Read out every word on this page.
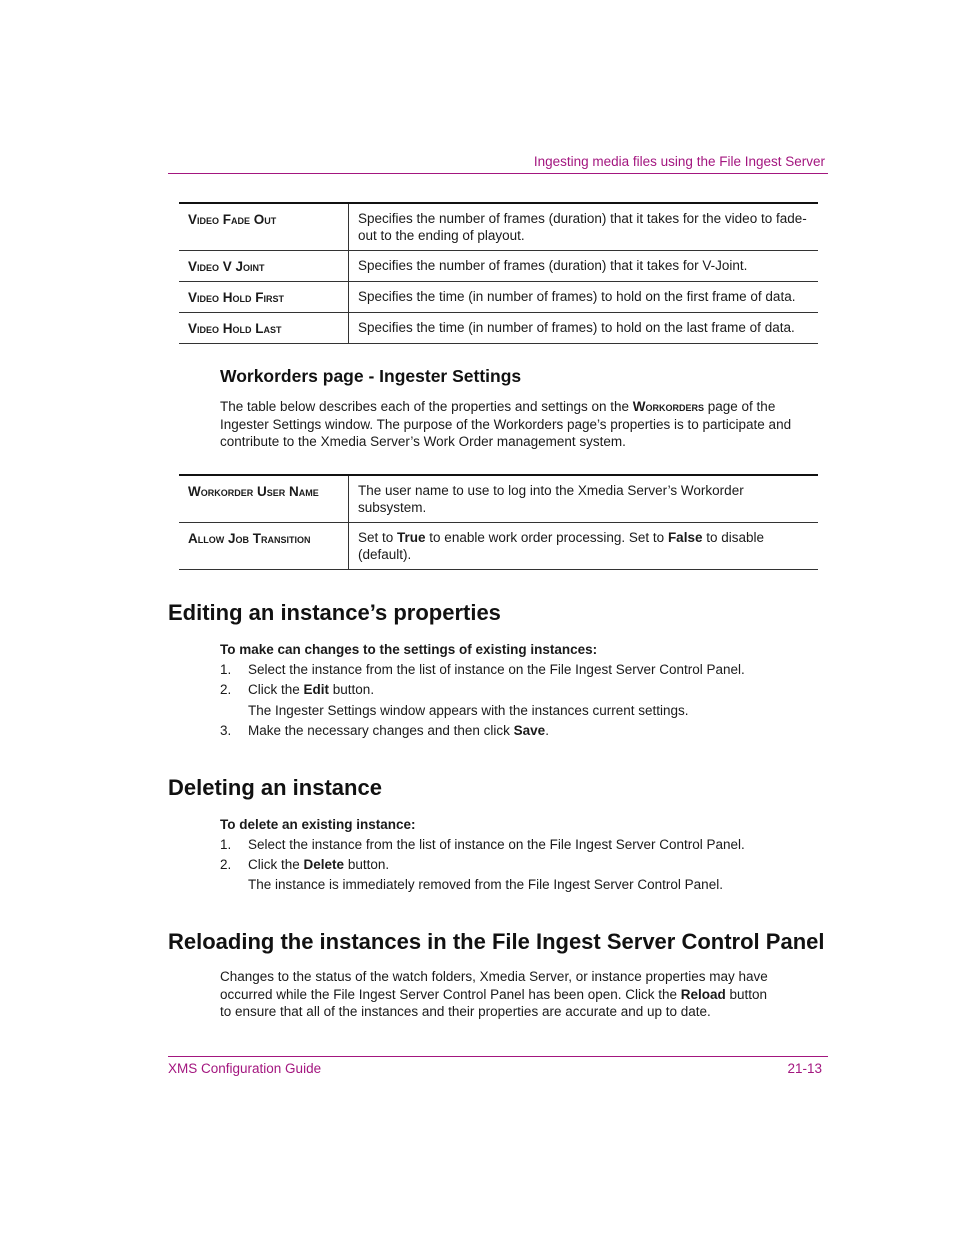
Ingesting media files using the File Ingest Server
Video Fade Out	Specifies the number of frames (duration) that it takes for the video to fade-out to the ending of playout.
Video V Joint	Specifies the number of frames (duration) that it takes for V-Joint.
Video Hold First	Specifies the time (in number of frames) to hold on the first frame of data.
Video Hold Last	Specifies the time (in number of frames) to hold on the last frame of data.
Workorders page - Ingester Settings

The table below describes each of the properties and settings on the Workorders page of the Ingester Settings window. The purpose of the Workorders page’s properties is to participate and contribute to the Xmedia Server’s Work Order management system.

Workorder User Name	The user name to use to log into the Xmedia Server’s Workorder subsystem.
Allow Job Transition	Set to True to enable work order processing. Set to False to disable (default).
Editing an instance’s properties

To make can changes to the settings of existing instances:

1. Select the instance from the list of instance on the File Ingest Server Control Panel.
2. Click the Edit button.
The Ingester Settings window appears with the instances current settings.
3. Make the necessary changes and then click Save.
Deleting an instance

To delete an existing instance:

1. Select the instance from the list of instance on the File Ingest Server Control Panel.
2. Click the Delete button.
The instance is immediately removed from the File Ingest Server Control Panel.
Reloading the instances in the File Ingest Server Control Panel

Changes to the status of the watch folders, Xmedia Server, or instance properties may have occurred while the File Ingest Server Control Panel has been open. Click the Reload button to ensure that all of the instances and their properties are accurate and up to date.

XMS Configuration Guide	21-13
